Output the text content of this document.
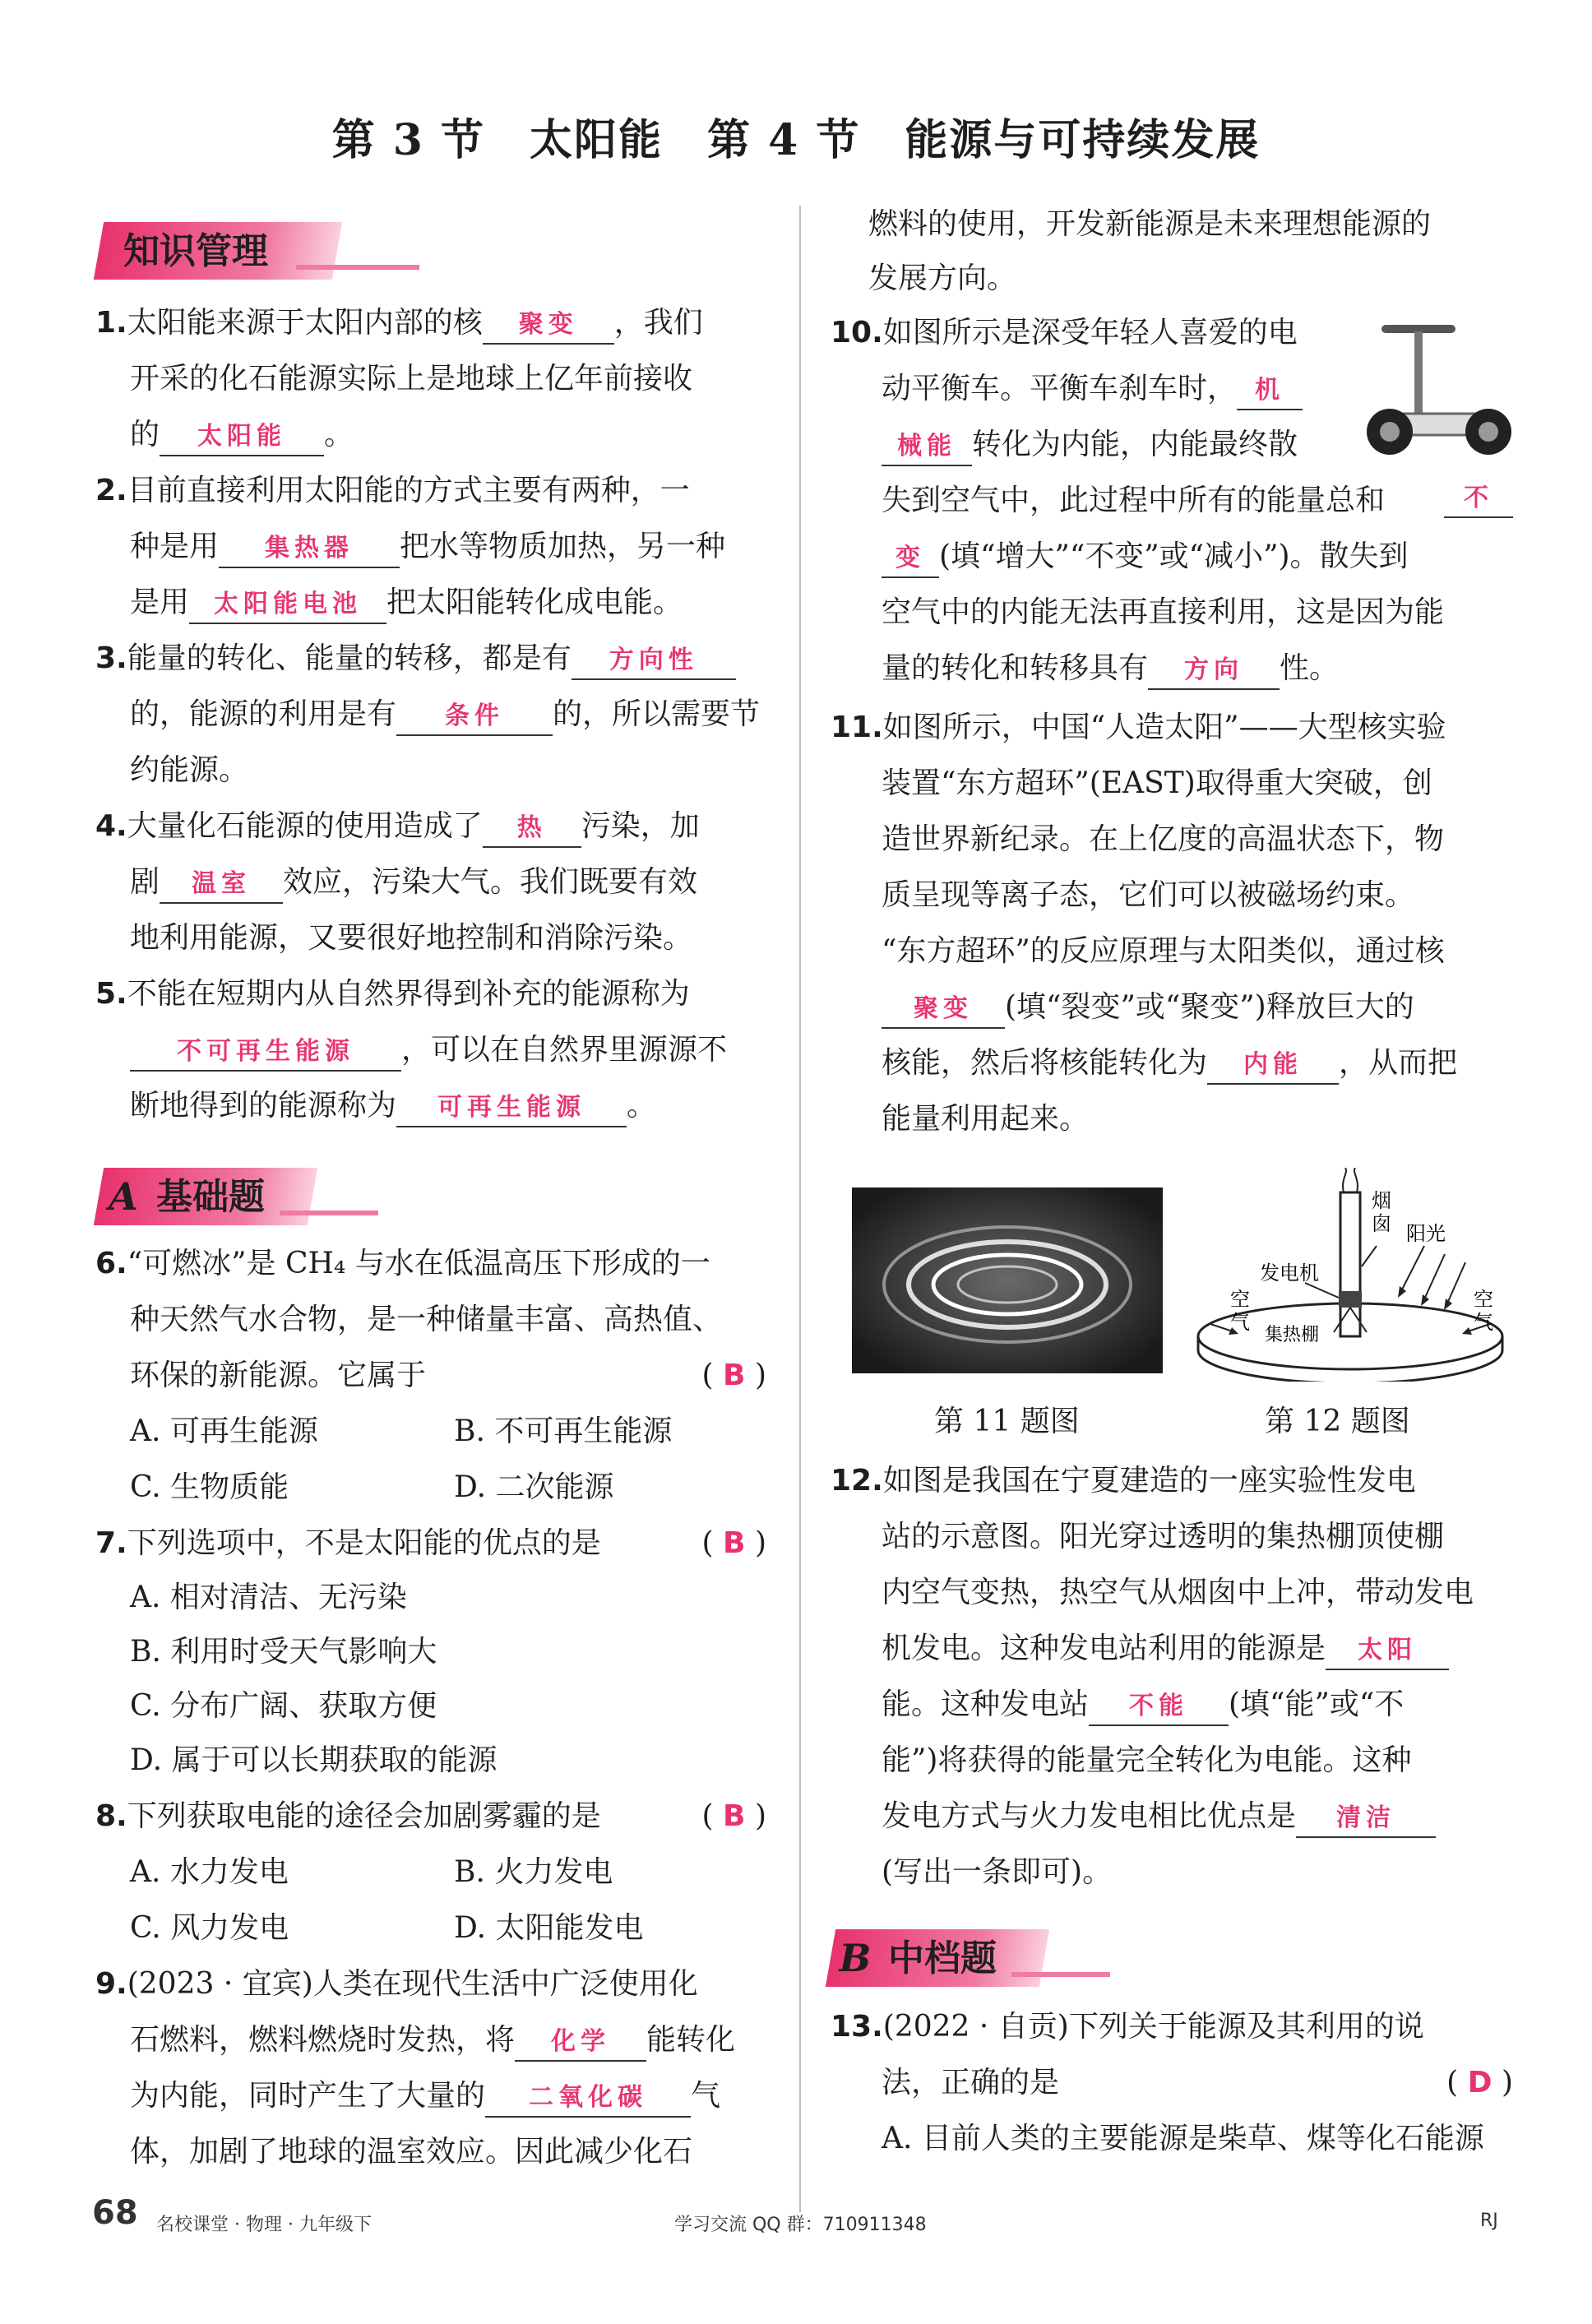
第 3 节　太阳能　第 4 节　能源与可持续发展
知识管理
1.太阳能来源于太阳内部的核 聚变 ，我们
开采的化石能源实际上是地球上亿年前接收
的 太阳能 。
2.目前直接利用太阳能的方式主要有两种，一
种是用 集热器 把水等物质加热，另一种
是用 太阳能电池 把太阳能转化成电能。
3.能量的转化、能量的转移，都是有 方向性
的，能源的利用是有 条件 的，所以需要节
约能源。
4.大量化石能源的使用造成了 热 污染，加
剧 温室 效应，污染大气。我们既要有效
地利用能源，又要很好地控制和消除污染。
5.不能在短期内从自然界得到补充的能源称为
不可再生能源 ，可以在自然界里源源不
断地得到的能源称为 可再生能源 。
A 基础题
6.“可燃冰”是 CH₄ 与水在低温高压下形成的一
种天然气水合物，是一种储量丰富、高热值、
环保的新能源。它属于	( B )
A. 可再生能源	B. 不可再生能源
C. 生物质能	D. 二次能源
7.下列选项中，不是太阳能的优点的是	( B )
A. 相对清洁、无污染
B. 利用时受天气影响大
C. 分布广阔、获取方便
D. 属于可以长期获取的能源
8.下列获取电能的途径会加剧雾霾的是	( B )
A. 水力发电	B. 火力发电
C. 风力发电	D. 太阳能发电
9.(2023 · 宜宾)人类在现代生活中广泛使用化
石燃料，燃料燃烧时发热，将 化学 能转化
为内能，同时产生了大量的 二氧化碳 气
体，加剧了地球的温室效应。因此减少化石
燃料的使用，开发新能源是未来理想能源的
发展方向。
10.如图所示是深受年轻人喜爱的电
动平衡车。平衡车刹车时， 机
械能 转化为内能，内能最终散
失到空气中，此过程中所有的能量总和	不
变 (填“增大”“不变”或“减小”)。散失到
空气中的内能无法再直接利用，这是因为能
量的转化和转移具有 方向 性。
11.如图所示，中国“人造太阳”——大型核实验
装置“东方超环”(EAST)取得重大突破，创
造世界新纪录。在上亿度的高温状态下，物
质呈现等离子态，它们可以被磁场约束。
“东方超环”的反应原理与太阳类似，通过核
聚变 (填“裂变”或“聚变”)释放巨大的
核能，然后将核能转化为 内能 ，从而把
能量利用起来。
第 11 题图
烟
囱 阳光
发电机
空
气
空
气
集热棚
第 12 题图
12.如图是我国在宁夏建造的一座实验性发电
站的示意图。阳光穿过透明的集热棚顶使棚
内空气变热，热空气从烟囱中上冲，带动发电
机发电。这种发电站利用的能源是 太阳
能。这种发电站 不能 (填“能”或“不
能”)将获得的能量完全转化为电能。这种
发电方式与火力发电相比优点是 清洁
(写出一条即可)。
B 中档题
13.(2022 · 自贡)下列关于能源及其利用的说
法，正确的是	( D )
A. 目前人类的主要能源是柴草、煤等化石能源
68 名校课堂 · 物理 · 九年级下	学习交流 QQ 群：710911348	RJ
